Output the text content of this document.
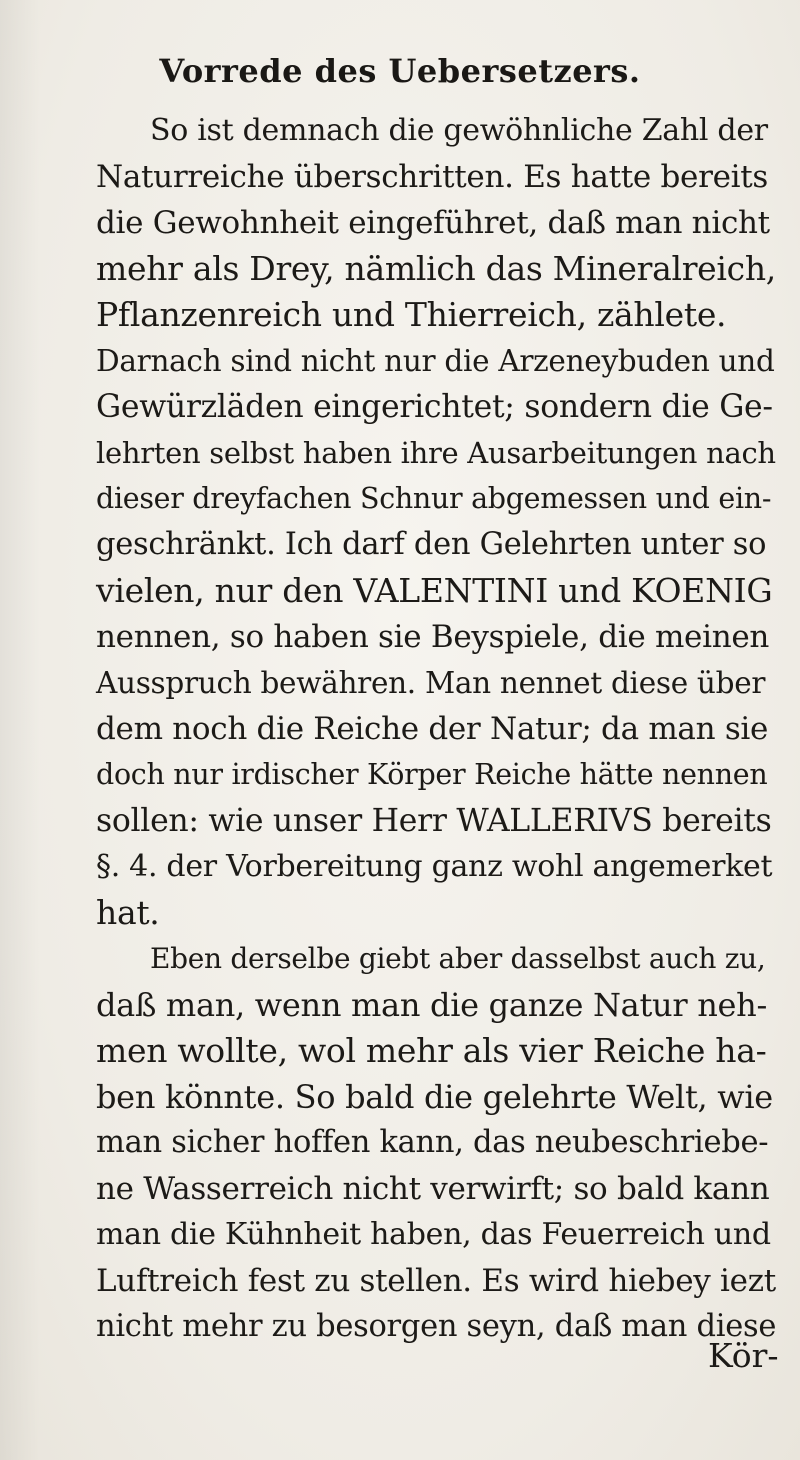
Vorrede des Uebersetzers.
So ist demnach die gewöhnliche Zahl der
Naturreiche überschritten. Es hatte bereits
die Gewohnheit eingeführet, daß man nicht
mehr als Drey, nämlich das Mineralreich,
Pflanzenreich und Thierreich, zählete.
Darnach sind nicht nur die Arzeneybuden und
Gewürzläden eingerichtet; sondern die Ge-
lehrten selbst haben ihre Ausarbeitungen nach
dieser dreyfachen Schnur abgemessen und ein-
geschränkt. Ich darf den Gelehrten unter so
vielen, nur den VALENTINI und KOENIG
nennen, so haben sie Beyspiele, die meinen
Ausspruch bewähren. Man nennet diese über
dem noch die Reiche der Natur; da man sie
doch nur irdischer Körper Reiche hätte nennen
sollen: wie unser Herr WALLERIVS bereits
§. 4. der Vorbereitung ganz wohl angemerket
hat.
Eben derselbe giebt aber dasselbst auch zu,
daß man, wenn man die ganze Natur neh-
men wollte, wol mehr als vier Reiche ha-
ben könnte. So bald die gelehrte Welt, wie
man sicher hoffen kann, das neubeschriebe-
ne Wasserreich nicht verwirft; so bald kann
man die Kühnheit haben, das Feuerreich und
Luftreich fest zu stellen. Es wird hiebey iezt
nicht mehr zu besorgen seyn, daß man diese
Kör-
